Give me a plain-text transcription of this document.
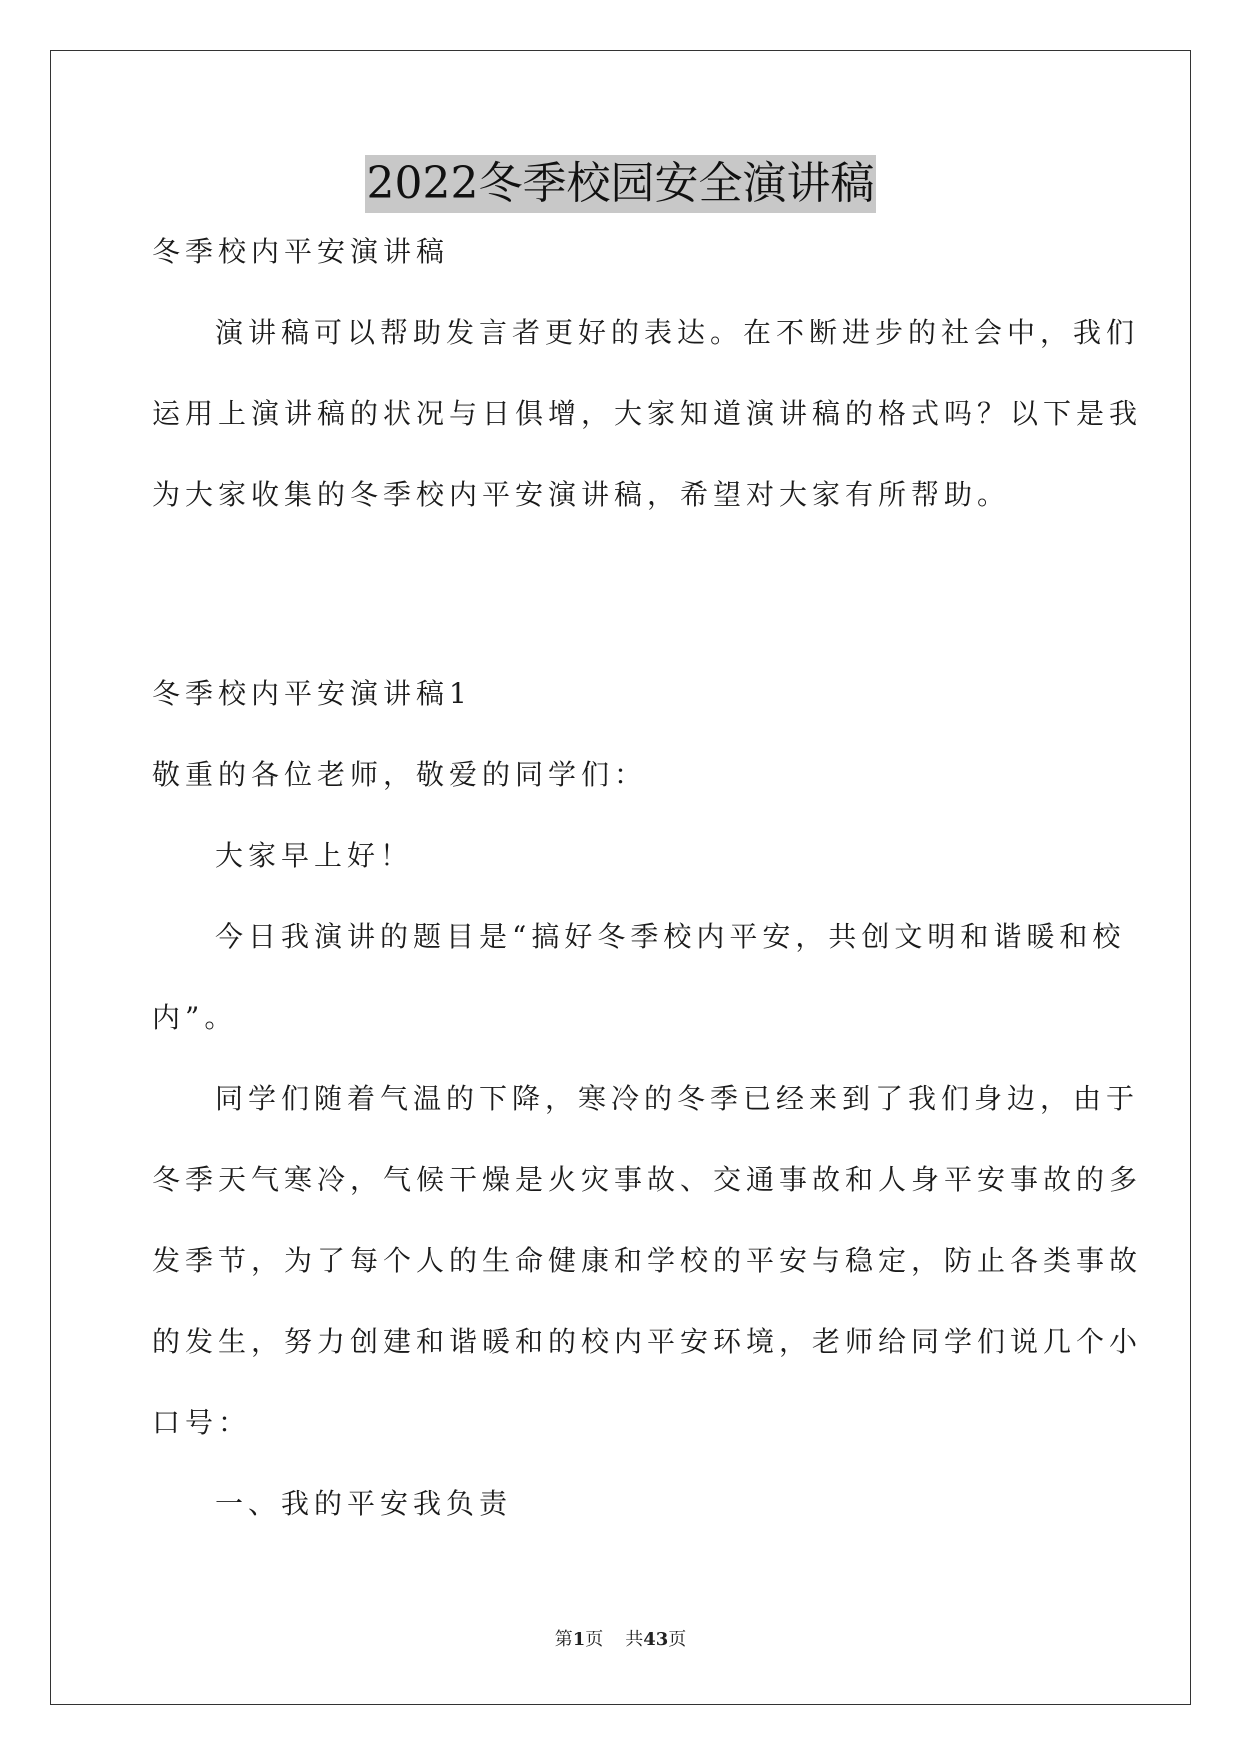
2022冬季校园安全演讲稿
冬季校内平安演讲稿
演讲稿可以帮助发言者更好的表达。在不断进步的社会中，我们
运用上演讲稿的状况与日俱增，大家知道演讲稿的格式吗？以下是我
为大家收集的冬季校内平安演讲稿，希望对大家有所帮助。
冬季校内平安演讲稿1
敬重的各位老师，敬爱的同学们：
大家早上好！
今日我演讲的题目是“搞好冬季校内平安，共创文明和谐暖和校
内”。
同学们随着气温的下降，寒冷的冬季已经来到了我们身边，由于
冬季天气寒冷，气候干燥是火灾事故、交通事故和人身平安事故的多
发季节，为了每个人的生命健康和学校的平安与稳定，防止各类事故
的发生，努力创建和谐暖和的校内平安环境，老师给同学们说几个小
口号：
一、我的平安我负责
第1页 共43页
